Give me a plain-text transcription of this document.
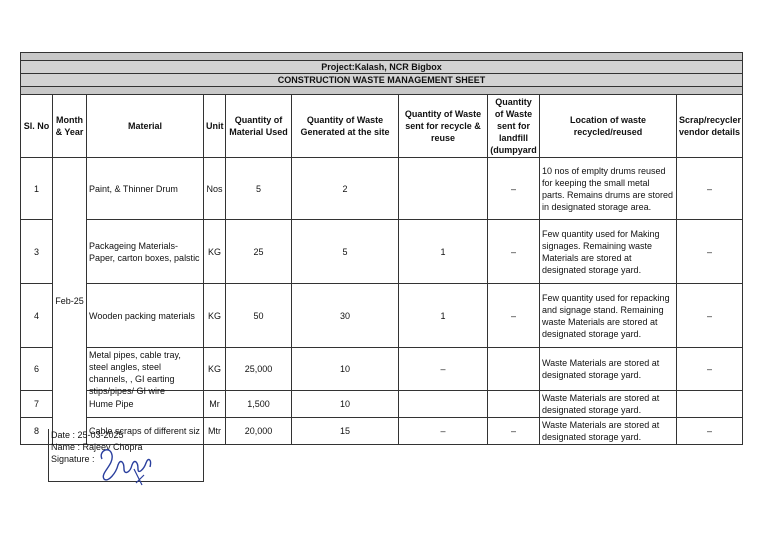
Project:Kalash, NCR Bigbox									
CONSTRUCTION WASTE MANAGEMENT SHEET									

Sl. No	Month & Year	Material	Unit	Quantity of Material Used	Quantity of Waste Generated at the site	Quantity of Waste sent for recycle & reuse	Quantity of Waste sent for landfill (dumpyard	Location of waste recycled/reused	Scrap/recycler vendor details
1	Feb-25	Paint, & Thinner Drum	Nos	5	2		–	10 nos of emplty drums reused for keeping the small metal parts. Remains drums are stored in designated storage area.	–
3		Packageing Materials-Paper, carton boxes, palstic	KG	25	5	1	–	Few quantity used for Making signages. Remaining waste Materials are stored at designated storage yard.	–
4		Wooden packing materials	KG	50	30	1	–	Few quantity used for repacking and signage stand. Remaining waste Materials are stored at designated storage yard.	–
6		Metal pipes, cable tray, steel angles, steel channels, , GI earting stips/pipes/ GI wire	KG	25,000	10	–		Waste Materials are stored at designated storage yard.	–
7		Hume Pipe	Mr	1,500	10			Waste Materials are stored at designated storage yard.	
8		Cable scraps of different siz	Mtr	20,000	15	–	–	Waste Materials are stored at designated storage yard.	–
Date : 25-03-2025
Name : Rajeev Chopra
Signature :
